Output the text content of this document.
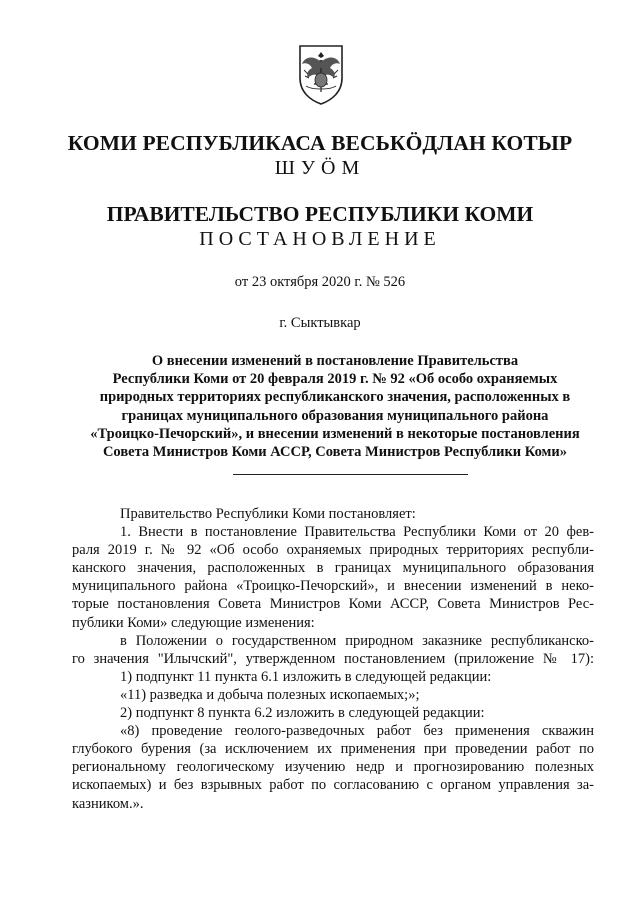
КОМИ РЕСПУБЛИКАСА ВЕСЬКӦДЛАН КОТЫР
ШУӦМ
ПРАВИТЕЛЬСТВО РЕСПУБЛИКИ КОМИ
ПОСТАНОВЛЕНИЕ
от 23 октября 2020 г. № 526
г. Сыктывкар
О внесении изменений в постановление Правительства
Республики Коми от 20 февраля 2019 г. № 92 «Об особо охраняемых
природных территориях республиканского значения, расположенных в
границах муниципального образования муниципального района
«Троицко-Печорский», и внесении изменений в некоторые постановления
Совета Министров Коми АССР, Совета Министров Республики Коми»
Правительство Республики Коми постановляет:
1. Внести в постановление Правительства Республики Коми от 20 фев-
раля 2019 г. № 92 «Об особо охраняемых природных территориях республи-
канского значения, расположенных в границах муниципального образования
муниципального района «Троицко-Печорский», и внесении изменений в неко-
торые постановления Совета Министров Коми АССР, Совета Министров Рес-
публики Коми» следующие изменения:
в Положении о государственном природном заказнике республиканско-
го значения "Илычский", утвержденном постановлением (приложение № 17):
1) подпункт 11 пункта 6.1 изложить в следующей редакции:
«11) разведка и добыча полезных ископаемых;»;
2) подпункт 8 пункта 6.2 изложить в следующей редакции:
«8) проведение геолого-разведочных работ без применения скважин
глубокого бурения (за исключением их применения при проведении работ по
региональному геологическому изучению недр и прогнозированию полезных
ископаемых) и без взрывных работ по согласованию с органом управления за-
казником.».
